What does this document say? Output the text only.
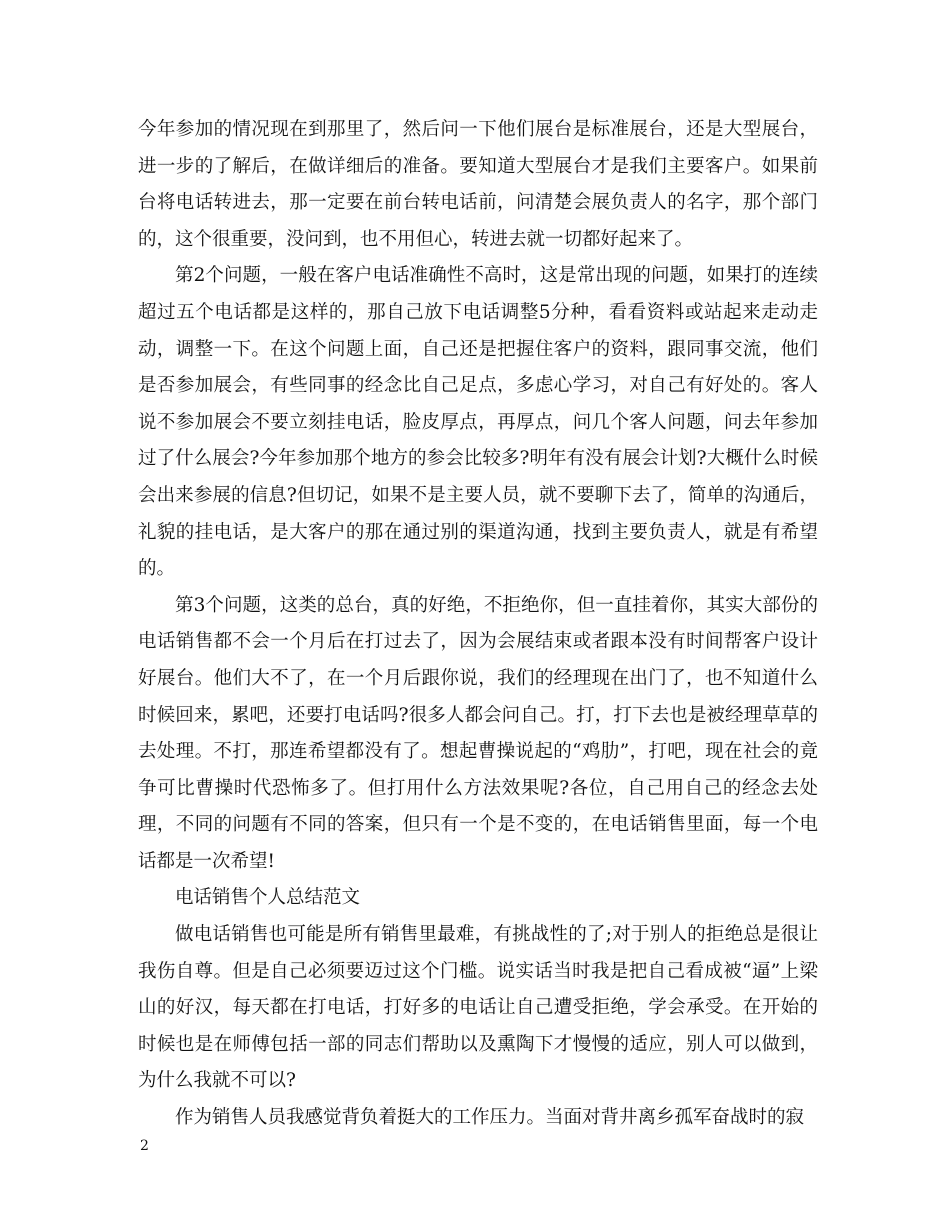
今年参加的情况现在到那里了，然后问一下他们展台是标准展台，还是大型展台，进一步的了解后，在做详细后的准备。要知道大型展台才是我们主要客户。如果前台将电话转进去，那一定要在前台转电话前，问清楚会展负责人的名字，那个部门的，这个很重要，没问到，也不用但心，转进去就一切都好起来了。

第2个问题，一般在客户电话准确性不高时，这是常出现的问题，如果打的连续超过五个电话都是这样的，那自己放下电话调整5分种，看看资料或站起来走动走动，调整一下。在这个问题上面，自己还是把握住客户的资料，跟同事交流，他们是否参加展会，有些同事的经念比自己足点，多虑心学习，对自己有好处的。客人说不参加展会不要立刻挂电话，脸皮厚点，再厚点，问几个客人问题，问去年参加过了什么展会?今年参加那个地方的参会比较多?明年有没有展会计划?大概什么时候会出来参展的信息?但切记，如果不是主要人员，就不要聊下去了，简单的沟通后，礼貌的挂电话，是大客户的那在通过别的渠道沟通，找到主要负责人，就是有希望的。

第3个问题，这类的总台，真的好绝，不拒绝你，但一直挂着你，其实大部份的电话销售都不会一个月后在打过去了，因为会展结束或者跟本没有时间帮客户设计好展台。他们大不了，在一个月后跟你说，我们的经理现在出门了，也不知道什么时候回来，累吧，还要打电话吗?很多人都会问自己。打，打下去也是被经理草草的去处理。不打，那连希望都没有了。想起曹操说起的“鸡肋”，打吧，现在社会的竟争可比曹操时代恐怖多了。但打用什么方法效果呢?各位，自己用自己的经念去处理，不同的问题有不同的答案，但只有一个是不变的，在电话销售里面，每一个电话都是一次希望!

电话销售个人总结范文

做电话销售也可能是所有销售里最难，有挑战性的了;对于别人的拒绝总是很让我伤自尊。但是自己必须要迈过这个门槛。说实话当时我是把自己看成被“逼”上梁山的好汉，每天都在打电话，打好多的电话让自己遭受拒绝，学会承受。在开始的时候也是在师傅包括一部的同志们帮助以及熏陶下才慢慢的适应，别人可以做到，为什么我就不可以?

作为销售人员我感觉背负着挺大的工作压力。当面对背井离乡孤军奋战时的寂

2
